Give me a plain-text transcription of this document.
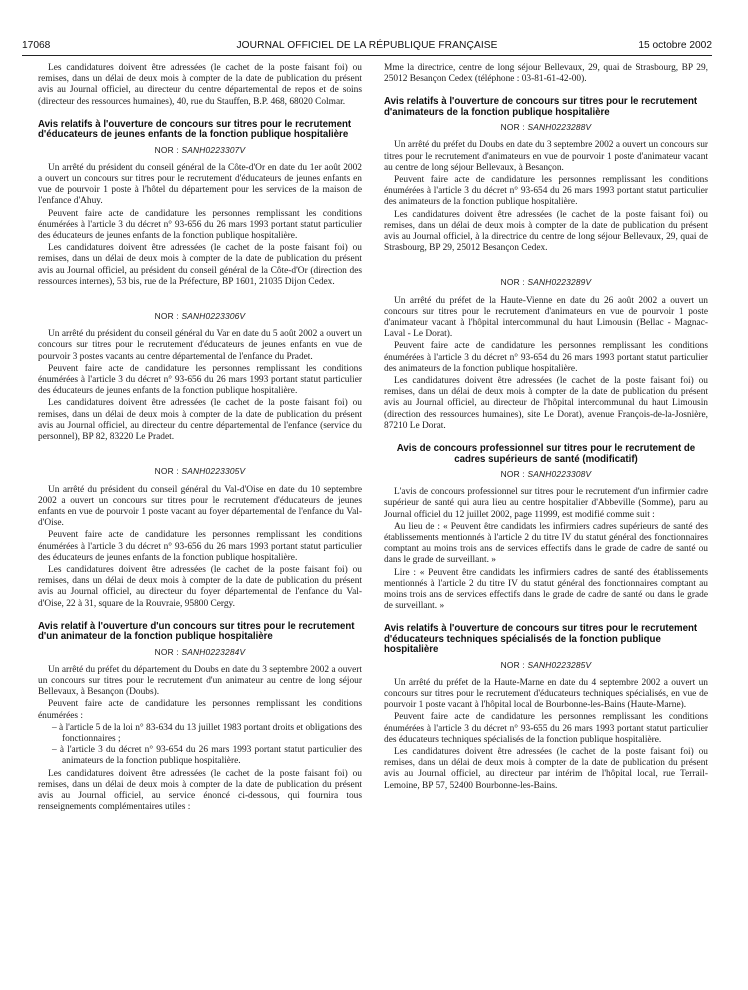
17068	JOURNAL OFFICIEL DE LA RÉPUBLIQUE FRANÇAISE	15 octobre 2002

Les candidatures doivent être adressées (le cachet de la poste faisant foi) ou remises, dans un délai de deux mois à compter de la date de publication du présent avis au Journal officiel, au directeur du centre départemental de repos et de soins (directeur des ressources humaines), 40, rue du Stauffen, B.P. 468, 68020 Colmar.

Avis relatifs à l'ouverture de concours sur titres pour le recrutement d'éducateurs de jeunes enfants de la fonction publique hospitalière
NOR : SANH0223307V

Un arrêté du président du conseil général de la Côte-d'Or en date du 1er août 2002 a ouvert un concours sur titres pour le recrutement d'éducateurs de jeunes enfants en vue de pourvoir 1 poste à l'hôtel du département pour les services de la maison de l'enfance d'Ahuy.

Peuvent faire acte de candidature les personnes remplissant les conditions énumérées à l'article 3 du décret n° 93-656 du 26 mars 1993 portant statut particulier des éducateurs de jeunes enfants de la fonction publique hospitalière.

Les candidatures doivent être adressées (le cachet de la poste faisant foi) ou remises, dans un délai de deux mois à compter de la date de publication du présent avis au Journal officiel, au président du conseil général de la Côte-d'Or (direction des ressources internes), 53 bis, rue de la Préfecture, BP 1601, 21035 Dijon Cedex.

NOR : SANH0223306V

Un arrêté du président du conseil général du Var en date du 5 août 2002 a ouvert un concours sur titres pour le recrutement d'éducateurs de jeunes enfants en vue de pourvoir 3 postes vacants au centre départemental de l'enfance du Pradet.

Peuvent faire acte de candidature les personnes remplissant les conditions énumérées à l'article 3 du décret n° 93-656 du 26 mars 1993 portant statut particulier des éducateurs de jeunes enfants de la fonction publique hospitalière.

Les candidatures doivent être adressées (le cachet de la poste faisant foi) ou remises, dans un délai de deux mois à compter de la date de publication du présent avis au Journal officiel, au directeur du centre départemental de l'enfance (service du personnel), BP 82, 83220 Le Pradet.

NOR : SANH0223305V

Un arrêté du président du conseil général du Val-d'Oise en date du 10 septembre 2002 a ouvert un concours sur titres pour le recrutement d'éducateurs de jeunes enfants en vue de pourvoir 1 poste vacant au foyer départemental de l'enfance du Val-d'Oise.

Peuvent faire acte de candidature les personnes remplissant les conditions énumérées à l'article 3 du décret n° 93-656 du 26 mars 1993 portant statut particulier des éducateurs de jeunes enfants de la fonction publique hospitalière.

Les candidatures doivent être adressées (le cachet de la poste faisant foi) ou remises, dans un délai de deux mois à compter de la date de publication du présent avis au Journal officiel, au directeur du foyer départemental de l'enfance du Val-d'Oise, 22 à 31, square de la Rouvraie, 95800 Cergy.

Avis relatif à l'ouverture d'un concours sur titres pour le recrutement d'un animateur de la fonction publique hospitalière
NOR : SANH0223284V

Un arrêté du préfet du département du Doubs en date du 3 septembre 2002 a ouvert un concours sur titres pour le recrutement d'un animateur au centre de long séjour Bellevaux, à Besançon (Doubs).

Peuvent faire acte de candidature les personnes remplissant les conditions énumérées :

– à l'article 5 de la loi n° 83-634 du 13 juillet 1983 portant droits et obligations des fonctionnaires ;
– à l'article 3 du décret n° 93-654 du 26 mars 1993 portant statut particulier des animateurs de la fonction publique hospitalière.

Les candidatures doivent être adressées (le cachet de la poste faisant foi) ou remises, dans un délai de deux mois à compter de la date de publication du présent avis au Journal officiel, au service énoncé ci-dessous, qui fournira tous renseignements complémentaires utiles :

Mme la directrice, centre de long séjour Bellevaux, 29, quai de Strasbourg, BP 29, 25012 Besançon Cedex (téléphone : 03-81-61-42-00).

Avis relatifs à l'ouverture de concours sur titres pour le recrutement d'animateurs de la fonction publique hospitalière
NOR : SANH0223288V

Un arrêté du préfet du Doubs en date du 3 septembre 2002 a ouvert un concours sur titres pour le recrutement d'animateurs en vue de pourvoir 1 poste d'animateur vacant au centre de long séjour Bellevaux, à Besançon.

Peuvent faire acte de candidature les personnes remplissant les conditions énumérées à l'article 3 du décret n° 93-654 du 26 mars 1993 portant statut particulier des animateurs de la fonction publique hospitalière.

Les candidatures doivent être adressées (le cachet de la poste faisant foi) ou remises, dans un délai de deux mois à compter de la date de publication du présent avis au Journal officiel, à la directrice du centre de long séjour Bellevaux, 29, quai de Strasbourg, BP 29, 25012 Besançon Cedex.

NOR : SANH0223289V

Un arrêté du préfet de la Haute-Vienne en date du 26 août 2002 a ouvert un concours sur titres pour le recrutement d'animateurs en vue de pourvoir 1 poste d'animateur vacant à l'hôpital intercommunal du haut Limousin (Bellac - Magnac-Laval - Le Dorat).

Peuvent faire acte de candidature les personnes remplissant les conditions énumérées à l'article 3 du décret n° 93-654 du 26 mars 1993 portant statut particulier des animateurs de la fonction publique hospitalière.

Les candidatures doivent être adressées (le cachet de la poste faisant foi) ou remises, dans un délai de deux mois à compter de la date de publication du présent avis au Journal officiel, au directeur de l'hôpital intercommunal du haut Limousin (direction des ressources humaines), site Le Dorat), avenue François-de-la-Josnière, 87210 Le Dorat.

Avis de concours professionnel sur titres pour le recrutement de cadres supérieurs de santé (modificatif)
NOR : SANH0223308V

L'avis de concours professionnel sur titres pour le recrutement d'un infirmier cadre supérieur de santé qui aura lieu au centre hospitalier d'Abbeville (Somme), paru au Journal officiel du 12 juillet 2002, page 11999, est modifié comme suit :

Au lieu de : « Peuvent être candidats les infirmiers cadres supérieurs de santé des établissements mentionnés à l'article 2 du titre IV du statut général des fonctionnaires comptant au moins trois ans de services effectifs dans le grade de cadre de santé ou dans le grade de surveillant. »

Lire : « Peuvent être candidats les infirmiers cadres de santé des établissements mentionnés à l'article 2 du titre IV du statut général des fonctionnaires comptant au moins trois ans de services effectifs dans le grade de cadre de santé ou dans le grade de surveillant. »

Avis relatifs à l'ouverture de concours sur titres pour le recrutement d'éducateurs techniques spécialisés de la fonction publique hospitalière
NOR : SANH0223285V

Un arrêté du préfet de la Haute-Marne en date du 4 septembre 2002 a ouvert un concours sur titres pour le recrutement d'éducateurs techniques spécialisés, en vue de pourvoir 1 poste vacant à l'hôpital local de Bourbonne-les-Bains (Haute-Marne).

Peuvent faire acte de candidature les personnes remplissant les conditions énumérées à l'article 3 du décret n° 93-655 du 26 mars 1993 portant statut particulier des éducateurs techniques spécialisés de la fonction publique hospitalière.

Les candidatures doivent être adressées (le cachet de la poste faisant foi) ou remises, dans un délai de deux mois à compter de la date de publication du présent avis au Journal officiel, au directeur par intérim de l'hôpital local, rue Terrail-Lemoine, BP 57, 52400 Bourbonne-les-Bains.
